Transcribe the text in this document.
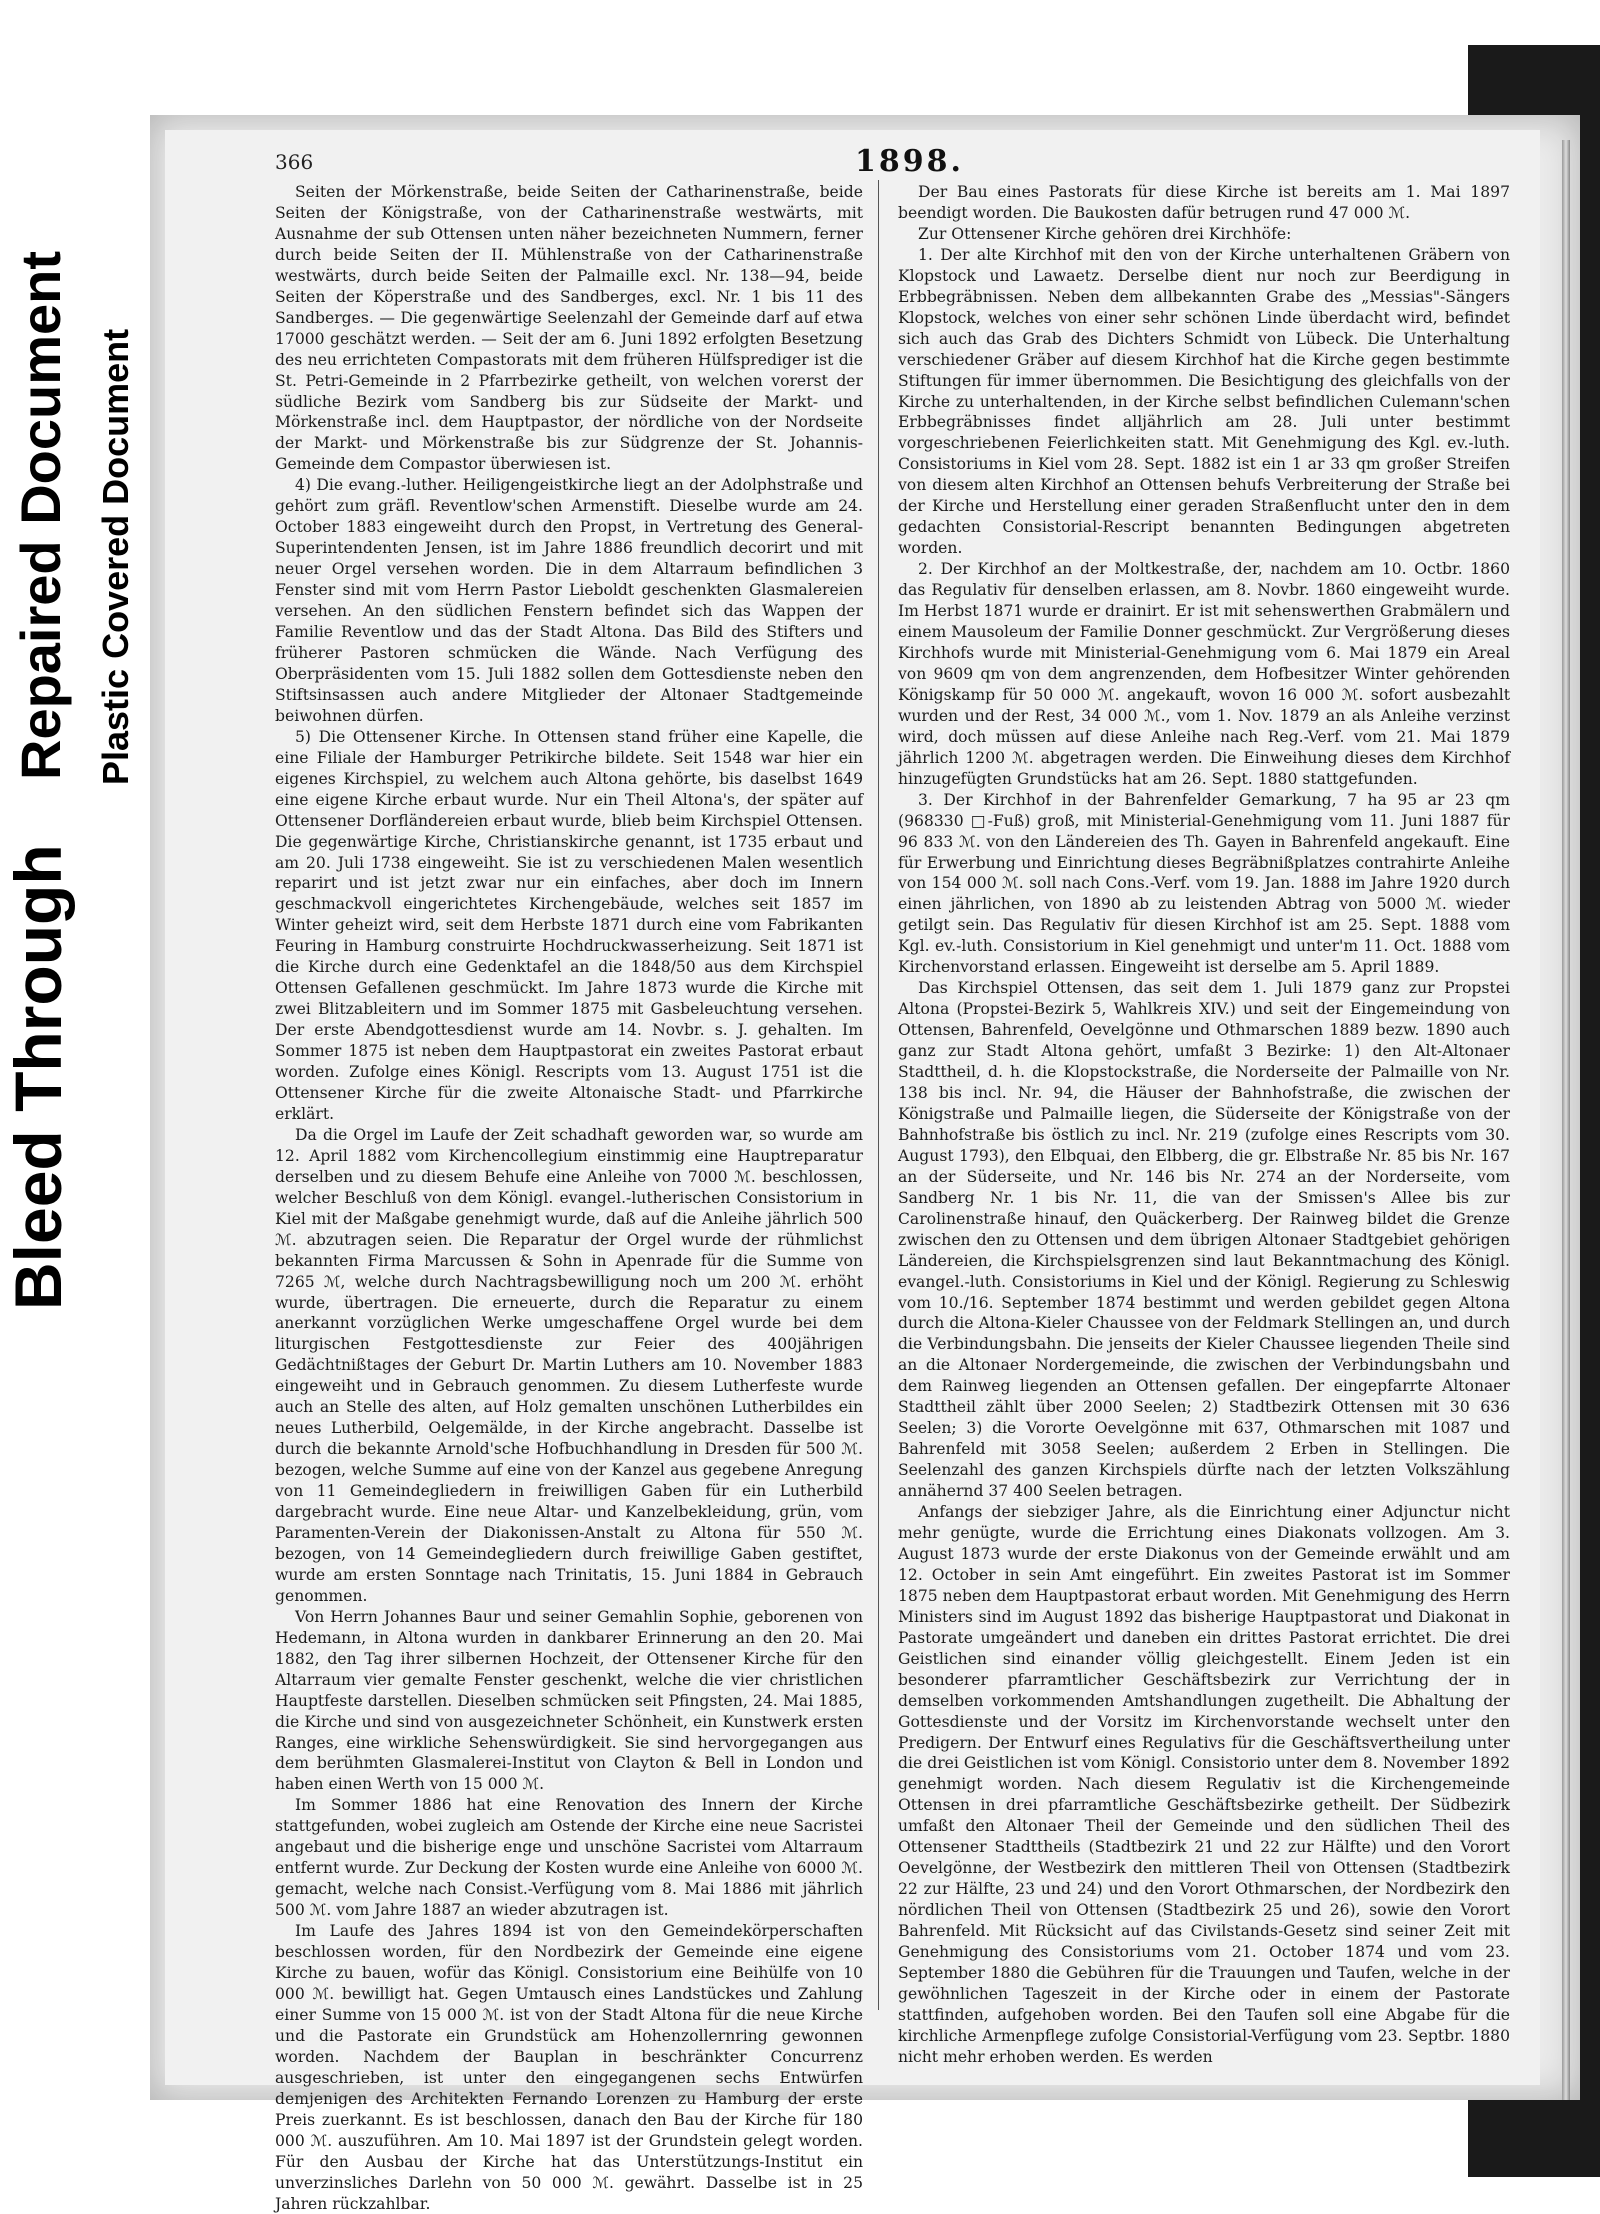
Bleed Through
Repaired Document Plastic Covered Document
366	1898.

Seiten der Mörkenstraße, beide Seiten der Catharinenstraße, beide Seiten der Königstraße, von der Catharinenstraße westwärts, mit Ausnahme der sub Ottensen unten näher bezeichneten Nummern, ferner durch beide Seiten der II. Mühlenstraße von der Catharinenstraße westwärts, durch beide Seiten der Palmaille excl. Nr. 138—94, beide Seiten der Köperstraße und des Sandberges, excl. Nr. 1 bis 11 des Sandberges. — Die gegenwärtige Seelenzahl der Gemeinde darf auf etwa 17000 geschätzt werden. — Seit der am 6. Juni 1892 erfolgten Besetzung des neu errichteten Compastorats mit dem früheren Hülfsprediger ist die St. Petri-Gemeinde in 2 Pfarrbezirke getheilt, von welchen vorerst der südliche Bezirk vom Sandberg bis zur Südseite der Markt- und Mörkenstraße incl. dem Hauptpastor, der nördliche von der Nordseite der Markt- und Mörkenstraße bis zur Südgrenze der St. Johannis-Gemeinde dem Compastor überwiesen ist.

4) Die evang.-luther. Heiligengeistkirche liegt an der Adolphstraße und gehört zum gräfl. Reventlow'schen Armenstift. Dieselbe wurde am 24. October 1883 eingeweiht durch den Propst, in Vertretung des General-Superintendenten Jensen, ist im Jahre 1886 freundlich decorirt und mit neuer Orgel versehen worden. Die in dem Altarraum befindlichen 3 Fenster sind mit vom Herrn Pastor Lieboldt geschenkten Glasmalereien versehen. An den südlichen Fenstern befindet sich das Wappen der Familie Reventlow und das der Stadt Altona. Das Bild des Stifters und früherer Pastoren schmücken die Wände. Nach Verfügung des Oberpräsidenten vom 15. Juli 1882 sollen dem Gottesdienste neben den Stiftsinsassen auch andere Mitglieder der Altonaer Stadtgemeinde beiwohnen dürfen.

5) Die Ottensener Kirche. In Ottensen stand früher eine Kapelle, die eine Filiale der Hamburger Petrikirche bildete. Seit 1548 war hier ein eigenes Kirchspiel, zu welchem auch Altona gehörte, bis daselbst 1649 eine eigene Kirche erbaut wurde. Nur ein Theil Altona's, der später auf Ottensener Dorfländereien erbaut wurde, blieb beim Kirchspiel Ottensen. Die gegenwärtige Kirche, Christianskirche genannt, ist 1735 erbaut und am 20. Juli 1738 eingeweiht. Sie ist zu verschiedenen Malen wesentlich reparirt und ist jetzt zwar nur ein einfaches, aber doch im Innern geschmackvoll eingerichtetes Kirchengebäude, welches seit 1857 im Winter geheizt wird, seit dem Herbste 1871 durch eine vom Fabrikanten Feuring in Hamburg construirte Hochdruckwasserheizung. Seit 1871 ist die Kirche durch eine Gedenktafel an die 1848/50 aus dem Kirchspiel Ottensen Gefallenen geschmückt. Im Jahre 1873 wurde die Kirche mit zwei Blitzableitern und im Sommer 1875 mit Gasbeleuchtung versehen. Der erste Abendgottesdienst wurde am 14. Novbr. s. J. gehalten. Im Sommer 1875 ist neben dem Hauptpastorat ein zweites Pastorat erbaut worden. Zufolge eines Königl. Rescripts vom 13. August 1751 ist die Ottensener Kirche für die zweite Altonaische Stadt- und Pfarrkirche erklärt.

Da die Orgel im Laufe der Zeit schadhaft geworden war, so wurde am 12. April 1882 vom Kirchencollegium einstimmig eine Hauptreparatur derselben und zu diesem Behufe eine Anleihe von 7000 ℳ. beschlossen, welcher Beschluß von dem Königl. evangel.-lutherischen Consistorium in Kiel mit der Maßgabe genehmigt wurde, daß auf die Anleihe jährlich 500 ℳ. abzutragen seien. Die Reparatur der Orgel wurde der rühmlichst bekannten Firma Marcussen & Sohn in Apenrade für die Summe von 7265 ℳ, welche durch Nachtragsbewilligung noch um 200 ℳ. erhöht wurde, übertragen. Die erneuerte, durch die Reparatur zu einem anerkannt vorzüglichen Werke umgeschaffene Orgel wurde bei dem liturgischen Festgottesdienste zur Feier des 400jährigen Gedächtnißtages der Geburt Dr. Martin Luthers am 10. November 1883 eingeweiht und in Gebrauch genommen. Zu diesem Lutherfeste wurde auch an Stelle des alten, auf Holz gemalten unschönen Lutherbildes ein neues Lutherbild, Oelgemälde, in der Kirche angebracht. Dasselbe ist durch die bekannte Arnold'sche Hofbuchhandlung in Dresden für 500 ℳ. bezogen, welche Summe auf eine von der Kanzel aus gegebene Anregung von 11 Gemeindegliedern in freiwilligen Gaben für ein Lutherbild dargebracht wurde. Eine neue Altar- und Kanzelbekleidung, grün, vom Paramenten-Verein der Diakonissen-Anstalt zu Altona für 550 ℳ. bezogen, von 14 Gemeindegliedern durch freiwillige Gaben gestiftet, wurde am ersten Sonntage nach Trinitatis, 15. Juni 1884 in Gebrauch genommen.

Von Herrn Johannes Baur und seiner Gemahlin Sophie, geborenen von Hedemann, in Altona wurden in dankbarer Erinnerung an den 20. Mai 1882, den Tag ihrer silbernen Hochzeit, der Ottensener Kirche für den Altarraum vier gemalte Fenster geschenkt, welche die vier christlichen Hauptfeste darstellen. Dieselben schmücken seit Pfingsten, 24. Mai 1885, die Kirche und sind von ausgezeichneter Schönheit, ein Kunstwerk ersten Ranges, eine wirkliche Sehenswürdigkeit. Sie sind hervorgegangen aus dem berühmten Glasmalerei-Institut von Clayton & Bell in London und haben einen Werth von 15 000 ℳ.

Im Sommer 1886 hat eine Renovation des Innern der Kirche stattgefunden, wobei zugleich am Ostende der Kirche eine neue Sacristei angebaut und die bisherige enge und unschöne Sacristei vom Altarraum entfernt wurde. Zur Deckung der Kosten wurde eine Anleihe von 6000 ℳ. gemacht, welche nach Consist.-Verfügung vom 8. Mai 1886 mit jährlich 500 ℳ. vom Jahre 1887 an wieder abzutragen ist.

Im Laufe des Jahres 1894 ist von den Gemeindekörperschaften beschlossen worden, für den Nordbezirk der Gemeinde eine eigene Kirche zu bauen, wofür das Königl. Consistorium eine Beihülfe von 10 000 ℳ. bewilligt hat. Gegen Umtausch eines Landstückes und Zahlung einer Summe von 15 000 ℳ. ist von der Stadt Altona für die neue Kirche und die Pastorate ein Grundstück am Hohenzollernring gewonnen worden. Nachdem der Bauplan in beschränkter Concurrenz ausgeschrieben, ist unter den eingegangenen sechs Entwürfen demjenigen des Architekten Fernando Lorenzen zu Hamburg der erste Preis zuerkannt. Es ist beschlossen, danach den Bau der Kirche für 180 000 ℳ. auszuführen. Am 10. Mai 1897 ist der Grundstein gelegt worden. Für den Ausbau der Kirche hat das Unterstützungs-Institut ein unverzinsliches Darlehn von 50 000 ℳ. gewährt. Dasselbe ist in 25 Jahren rückzahlbar.

Der Bau eines Pastorats für diese Kirche ist bereits am 1. Mai 1897 beendigt worden. Die Baukosten dafür betrugen rund 47 000 ℳ.

Zur Ottensener Kirche gehören drei Kirchhöfe:

1. Der alte Kirchhof mit den von der Kirche unterhaltenen Gräbern von Klopstock und Lawaetz. Derselbe dient nur noch zur Beerdigung in Erbbegräbnissen. Neben dem allbekannten Grabe des „Messias"-Sängers Klopstock, welches von einer sehr schönen Linde überdacht wird, befindet sich auch das Grab des Dichters Schmidt von Lübeck. Die Unterhaltung verschiedener Gräber auf diesem Kirchhof hat die Kirche gegen bestimmte Stiftungen für immer übernommen. Die Besichtigung des gleichfalls von der Kirche zu unterhaltenden, in der Kirche selbst befindlichen Culemann'schen Erbbegräbnisses findet alljährlich am 28. Juli unter bestimmt vorgeschriebenen Feierlichkeiten statt. Mit Genehmigung des Kgl. ev.-luth. Consistoriums in Kiel vom 28. Sept. 1882 ist ein 1 ar 33 qm großer Streifen von diesem alten Kirchhof an Ottensen behufs Verbreiterung der Straße bei der Kirche und Herstellung einer geraden Straßenflucht unter den in dem gedachten Consistorial-Rescript benannten Bedingungen abgetreten worden.

2. Der Kirchhof an der Moltkestraße, der, nachdem am 10. Octbr. 1860 das Regulativ für denselben erlassen, am 8. Novbr. 1860 eingeweiht wurde. Im Herbst 1871 wurde er drainirt. Er ist mit sehenswerthen Grabmälern und einem Mausoleum der Familie Donner geschmückt. Zur Vergrößerung dieses Kirchhofs wurde mit Ministerial-Genehmigung vom 6. Mai 1879 ein Areal von 9609 qm von dem angrenzenden, dem Hofbesitzer Winter gehörenden Königskamp für 50 000 ℳ. angekauft, wovon 16 000 ℳ. sofort ausbezahlt wurden und der Rest, 34 000 ℳ., vom 1. Nov. 1879 an als Anleihe verzinst wird, doch müssen auf diese Anleihe nach Reg.-Verf. vom 21. Mai 1879 jährlich 1200 ℳ. abgetragen werden. Die Einweihung dieses dem Kirchhof hinzugefügten Grundstücks hat am 26. Sept. 1880 stattgefunden.

3. Der Kirchhof in der Bahrenfelder Gemarkung, 7 ha 95 ar 23 qm (968330 □-Fuß) groß, mit Ministerial-Genehmigung vom 11. Juni 1887 für 96 833 ℳ. von den Ländereien des Th. Gayen in Bahrenfeld angekauft. Eine für Erwerbung und Einrichtung dieses Begräbnißplatzes contrahirte Anleihe von 154 000 ℳ. soll nach Cons.-Verf. vom 19. Jan. 1888 im Jahre 1920 durch einen jährlichen, von 1890 ab zu leistenden Abtrag von 5000 ℳ. wieder getilgt sein. Das Regulativ für diesen Kirchhof ist am 25. Sept. 1888 vom Kgl. ev.-luth. Consistorium in Kiel genehmigt und unter'm 11. Oct. 1888 vom Kirchenvorstand erlassen. Eingeweiht ist derselbe am 5. April 1889.

Das Kirchspiel Ottensen, das seit dem 1. Juli 1879 ganz zur Propstei Altona (Propstei-Bezirk 5, Wahlkreis XIV.) und seit der Eingemeindung von Ottensen, Bahrenfeld, Oevelgönne und Othmarschen 1889 bezw. 1890 auch ganz zur Stadt Altona gehört, umfaßt 3 Bezirke: 1) den Alt-Altonaer Stadttheil, d. h. die Klopstockstraße, die Norderseite der Palmaille von Nr. 138 bis incl. Nr. 94, die Häuser der Bahnhofstraße, die zwischen der Königstraße und Palmaille liegen, die Süderseite der Königstraße von der Bahnhofstraße bis östlich zu incl. Nr. 219 (zufolge eines Rescripts vom 30. August 1793), den Elbquai, den Elbberg, die gr. Elbstraße Nr. 85 bis Nr. 167 an der Süderseite, und Nr. 146 bis Nr. 274 an der Norderseite, vom Sandberg Nr. 1 bis Nr. 11, die van der Smissen's Allee bis zur Carolinenstraße hinauf, den Quäckerberg. Der Rainweg bildet die Grenze zwischen den zu Ottensen und dem übrigen Altonaer Stadtgebiet gehörigen Ländereien, die Kirchspielsgrenzen sind laut Bekanntmachung des Königl. evangel.-luth. Consistoriums in Kiel und der Königl. Regierung zu Schleswig vom 10./16. September 1874 bestimmt und werden gebildet gegen Altona durch die Altona-Kieler Chaussee von der Feldmark Stellingen an, und durch die Verbindungsbahn. Die jenseits der Kieler Chaussee liegenden Theile sind an die Altonaer Nordergemeinde, die zwischen der Verbindungsbahn und dem Rainweg liegenden an Ottensen gefallen. Der eingepfarrte Altonaer Stadttheil zählt über 2000 Seelen; 2) Stadtbezirk Ottensen mit 30 636 Seelen; 3) die Vororte Oevelgönne mit 637, Othmarschen mit 1087 und Bahrenfeld mit 3058 Seelen; außerdem 2 Erben in Stellingen. Die Seelenzahl des ganzen Kirchspiels dürfte nach der letzten Volkszählung annähernd 37 400 Seelen betragen.

Anfangs der siebziger Jahre, als die Einrichtung einer Adjunctur nicht mehr genügte, wurde die Errichtung eines Diakonats vollzogen. Am 3. August 1873 wurde der erste Diakonus von der Gemeinde erwählt und am 12. October in sein Amt eingeführt. Ein zweites Pastorat ist im Sommer 1875 neben dem Hauptpastorat erbaut worden. Mit Genehmigung des Herrn Ministers sind im August 1892 das bisherige Hauptpastorat und Diakonat in Pastorate umgeändert und daneben ein drittes Pastorat errichtet. Die drei Geistlichen sind einander völlig gleichgestellt. Einem Jeden ist ein besonderer pfarramtlicher Geschäftsbezirk zur Verrichtung der in demselben vorkommenden Amtshandlungen zugetheilt. Die Abhaltung der Gottesdienste und der Vorsitz im Kirchenvorstande wechselt unter den Predigern. Der Entwurf eines Regulativs für die Geschäftsvertheilung unter die drei Geistlichen ist vom Königl. Consistorio unter dem 8. November 1892 genehmigt worden. Nach diesem Regulativ ist die Kirchengemeinde Ottensen in drei pfarramtliche Geschäftsbezirke getheilt. Der Südbezirk umfaßt den Altonaer Theil der Gemeinde und den südlichen Theil des Ottensener Stadttheils (Stadtbezirk 21 und 22 zur Hälfte) und den Vorort Oevelgönne, der Westbezirk den mittleren Theil von Ottensen (Stadtbezirk 22 zur Hälfte, 23 und 24) und den Vorort Othmarschen, der Nordbezirk den nördlichen Theil von Ottensen (Stadtbezirk 25 und 26), sowie den Vorort Bahrenfeld. Mit Rücksicht auf das Civilstands-Gesetz sind seiner Zeit mit Genehmigung des Consistoriums vom 21. October 1874 und vom 23. September 1880 die Gebühren für die Trauungen und Taufen, welche in der gewöhnlichen Tageszeit in der Kirche oder in einem der Pastorate stattfinden, aufgehoben worden. Bei den Taufen soll eine Abgabe für die kirchliche Armenpflege zufolge Consistorial-Verfügung vom 23. Septbr. 1880 nicht mehr erhoben werden. Es werden
